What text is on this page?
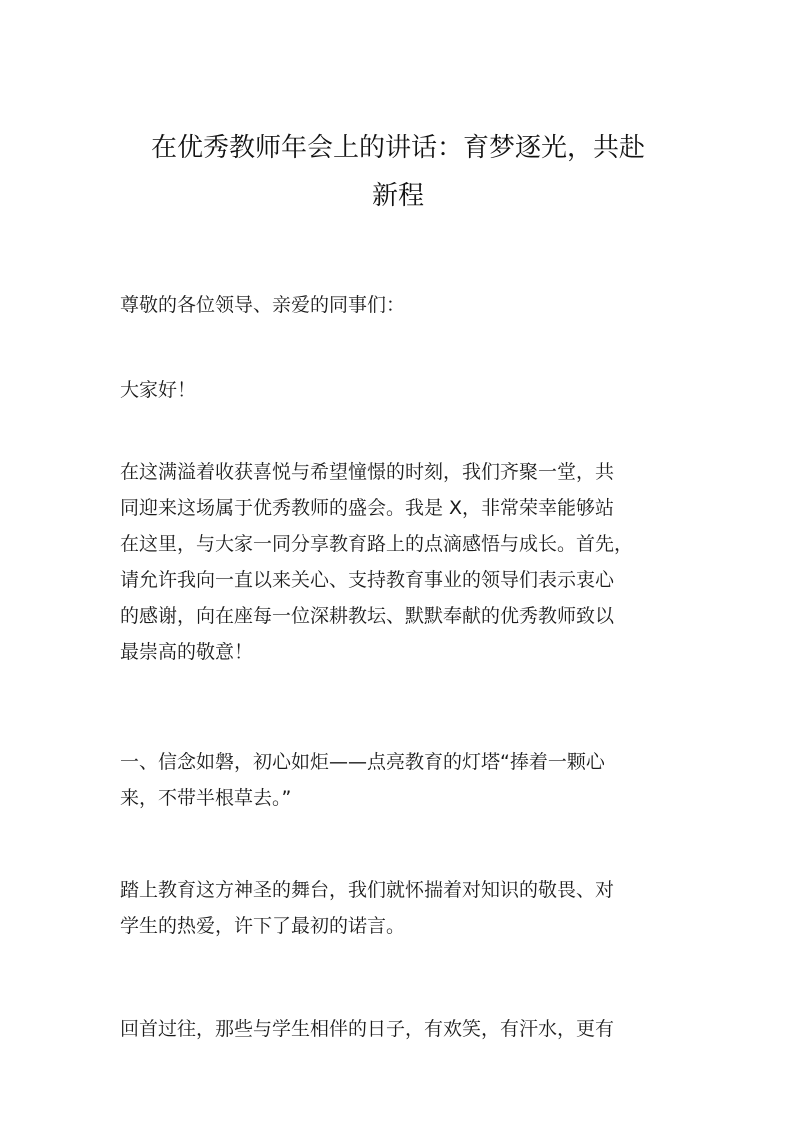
在优秀教师年会上的讲话：育梦逐光，共赴
新程

尊敬的各位领导、亲爱的同事们：

大家好！

在这满溢着收获喜悦与希望憧憬的时刻，我们齐聚一堂，共
同迎来这场属于优秀教师的盛会。我是 X，非常荣幸能够站
在这里，与大家一同分享教育路上的点滴感悟与成长。首先，
请允许我向一直以来关心、支持教育事业的领导们表示衷心
的感谢，向在座每一位深耕教坛、默默奉献的优秀教师致以
最崇高的敬意！

一、信念如磐，初心如炬——点亮教育的灯塔“捧着一颗心
来，不带半根草去。”

踏上教育这方神圣的舞台，我们就怀揣着对知识的敬畏、对
学生的热爱，许下了最初的诺言。

回首过往，那些与学生相伴的日子，有欢笑，有汗水，更有
